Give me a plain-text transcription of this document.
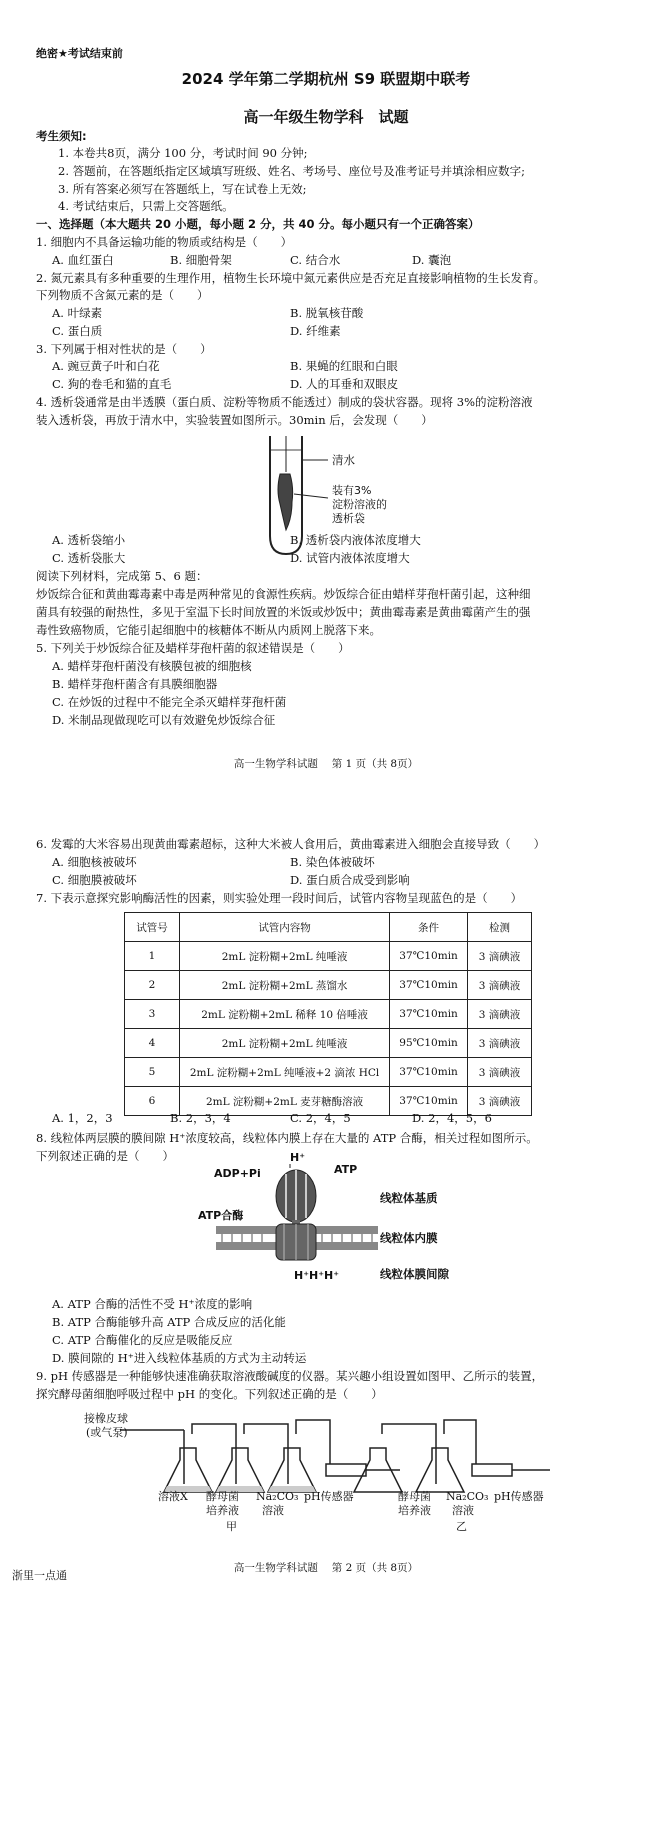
绝密★考试结束前
2024 学年第二学期杭州 S9 联盟期中联考
高一年级生物学科　试题
考生须知:
1. 本卷共8页，满分 100 分，考试时间 90 分钟;
2. 答题前，在答题纸指定区域填写班级、姓名、考场号、座位号及准考证号并填涂相应数字;
3. 所有答案必须写在答题纸上，写在试卷上无效;
4. 考试结束后，只需上交答题纸。
一、选择题（本大题共 20 小题，每小题 2 分，共 40 分。每小题只有一个正确答案）
1. 细胞内不具备运输功能的物质或结构是（　　）
A. 血红蛋白	B. 细胞骨架	C. 结合水	D. 囊泡
2. 氮元素具有多种重要的生理作用，植物生长环境中氮元素供应是否充足直接影响植物的生长发育。
下列物质不含氮元素的是（　　）
A. 叶绿素	B. 脱氧核苷酸
C. 蛋白质	D. 纤维素
3. 下列属于相对性状的是（　　）
A. 豌豆黄子叶和白花	B. 果蝇的红眼和白眼
C. 狗的卷毛和猫的直毛	D. 人的耳垂和双眼皮
4. 透析袋通常是由半透膜（蛋白质、淀粉等物质不能透过）制成的袋状容器。现将 3%的淀粉溶液
装入透析袋，再放于清水中，实验装置如图所示。30min 后，会发现（　　）
清水
装有3%
淀粉溶液的
透析袋
A. 透析袋缩小	B. 透析袋内液体浓度增大
C. 透析袋胀大	D. 试管内液体浓度增大
阅读下列材料，完成第 5、6 题：
炒饭综合征和黄曲霉毒素中毒是两种常见的食源性疾病。炒饭综合征由蜡样芽孢杆菌引起，这种细
菌具有较强的耐热性，多见于室温下长时间放置的米饭或炒饭中；黄曲霉毒素是黄曲霉菌产生的强
毒性致癌物质，它能引起细胞中的核糖体不断从内质网上脱落下来。
5. 下列关于炒饭综合征及蜡样芽孢杆菌的叙述错误是（　　）
A. 蜡样芽孢杆菌没有核膜包被的细胞核
B. 蜡样芽孢杆菌含有具膜细胞器
C. 在炒饭的过程中不能完全杀灭蜡样芽孢杆菌
D. 米制品现做现吃可以有效避免炒饭综合征
高一生物学科试题　 第 1 页（共 8页）
6. 发霉的大米容易出现黄曲霉素超标，这种大米被人食用后，黄曲霉素进入细胞会直接导致（　　）
A. 细胞核被破坏	B. 染色体被破坏
C. 细胞膜被破坏	D. 蛋白质合成受到影响
7. 下表示意探究影响酶活性的因素，则实验处理一段时间后，试管内容物呈现蓝色的是（　　）
试管号	试管内容物	条件	检测
1	2mL 淀粉糊+2mL 纯唾液	37℃10min	3 滴碘液
2	2mL 淀粉糊+2mL 蒸馏水	37℃10min	3 滴碘液
3	2mL 淀粉糊+2mL 稀释 10 倍唾液	37℃10min	3 滴碘液
4	2mL 淀粉糊+2mL 纯唾液	95℃10min	3 滴碘液
5	2mL 淀粉糊+2mL 纯唾液+2 滴浓 HCl	37℃10min	3 滴碘液
6	2mL 淀粉糊+2mL 麦芽糖酶溶液	37℃10min	3 滴碘液
A. 1，2，3	B. 2，3，4	C. 2，4，5	D. 2，4，5，6
8. 线粒体两层膜的膜间隙 H⁺浓度较高，线粒体内膜上存在大量的 ATP 合酶，相关过程如图所示。
下列叙述正确的是（　　）
ADP+Pi
H⁺
ATP
ATP合酶
线粒体基质
线粒体内膜
H⁺H⁺H⁺	线粒体膜间隙
A. ATP 合酶的活性不受 H⁺浓度的影响
B. ATP 合酶能够升高 ATP 合成反应的活化能
C. ATP 合酶催化的反应是吸能反应
D. 膜间隙的 H⁺进入线粒体基质的方式为主动转运
9. pH 传感器是一种能够快速准确获取溶液酸碱度的仪器。某兴趣小组设置如图甲、乙所示的装置，
探究酵母菌细胞呼吸过程中 pH 的变化。下列叙述正确的是（　　）
接橡皮球
(或气泵)
溶液X 酵母菌
培养液
Na₂CO₃
溶液
pH传感器
甲
酵母菌
培养液
Na₂CO₃
溶液
pH传感器
乙
高一生物学科试题　 第 2 页（共 8页）
浙里一点通
